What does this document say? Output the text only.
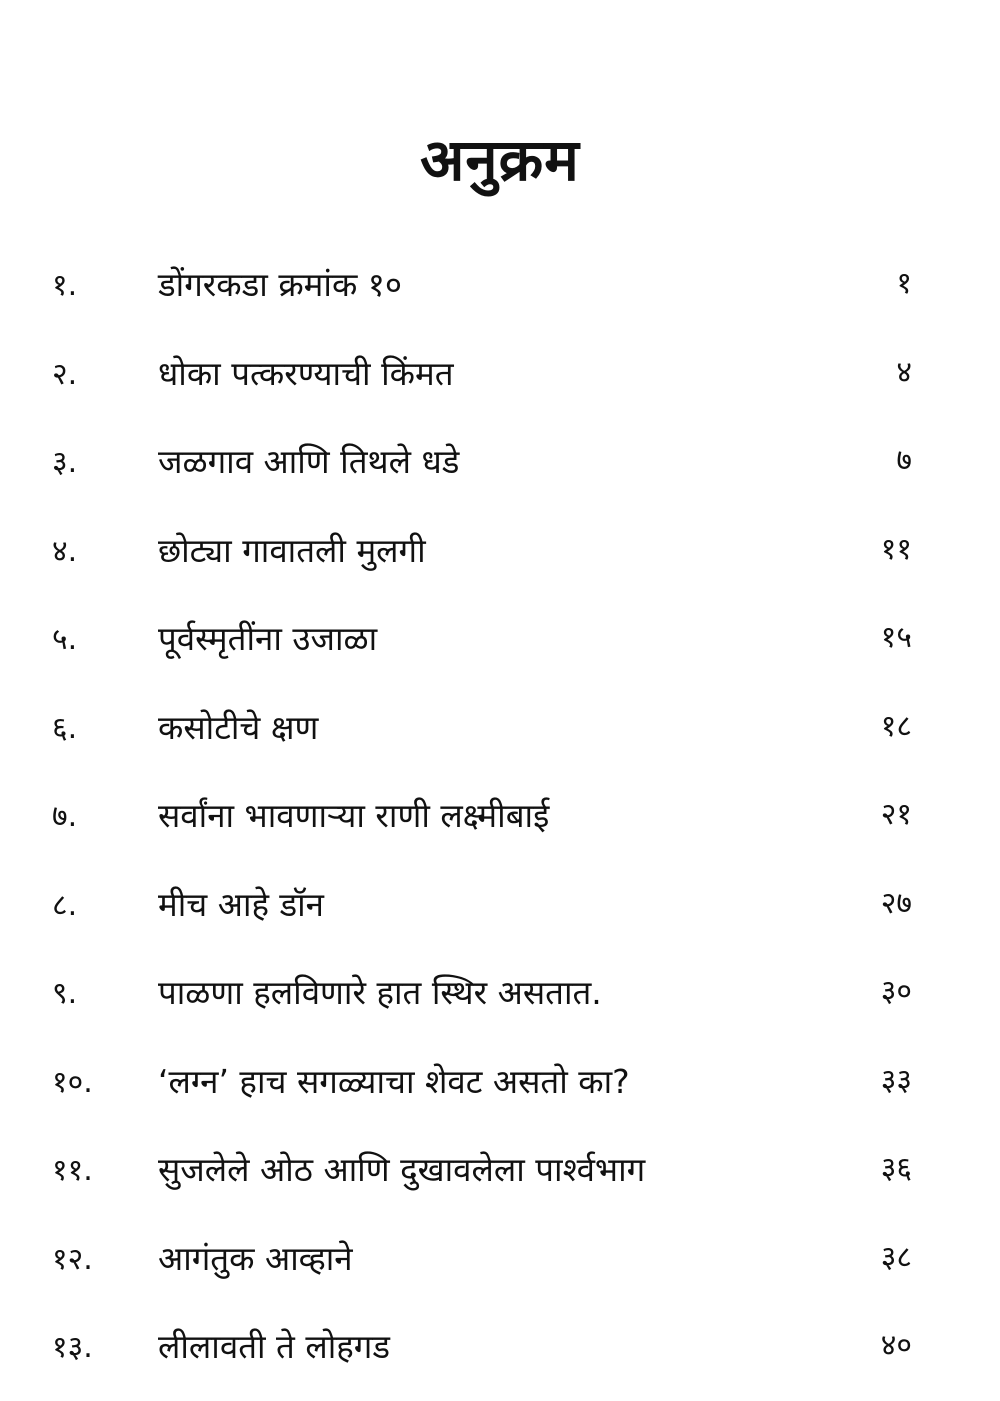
अनुक्रम
१.	डोंगरकडा क्रमांक १०	१
२.	धोका पत्करण्याची किंमत	४
३.	जळगाव आणि तिथले धडे	७
४.	छोट्या गावातली मुलगी	११
५.	पूर्वस्मृतींना उजाळा	१५
६.	कसोटीचे क्षण	१८
७.	सर्वांना भावणाऱ्या राणी लक्ष्मीबाई	२१
८.	मीच आहे डॉन	२७
९.	पाळणा हलविणारे हात स्थिर असतात.	३०
१०.	‘लग्न’ हाच सगळ्याचा शेवट असतो का?	३३
११.	सुजलेले ओठ आणि दुखावलेला पार्श्वभाग	३६
१२.	आगंतुक आव्हाने	३८
१३.	लीलावती ते लोहगड	४०
